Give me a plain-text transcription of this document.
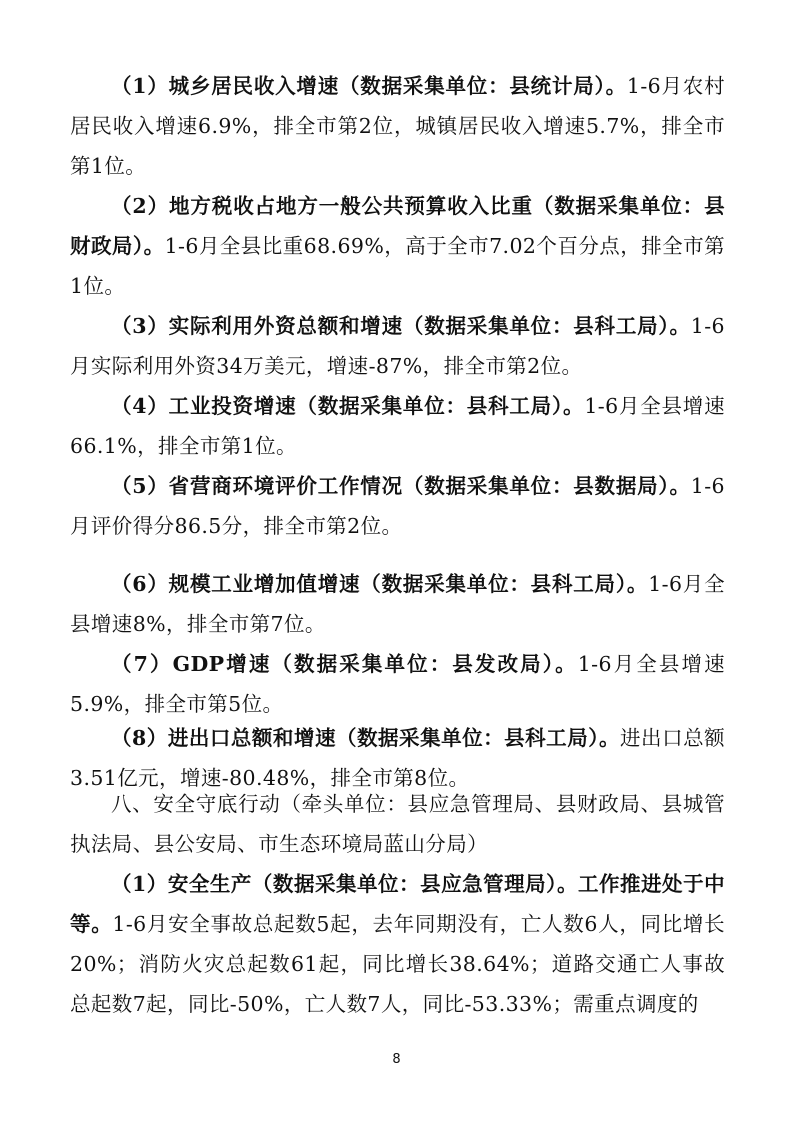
（1）城乡居民收入增速（数据采集单位：县统计局）。1-6月农村居民收入增速6.9%，排全市第2位，城镇居民收入增速5.7%，排全市第1位。

（2）地方税收占地方一般公共预算收入比重（数据采集单位：县财政局）。1-6月全县比重68.69%，高于全市7.02个百分点，排全市第1位。

（3）实际利用外资总额和增速（数据采集单位：县科工局）。1-6月实际利用外资34万美元，增速-87%，排全市第2位。

（4）工业投资增速（数据采集单位：县科工局）。1-6月全县增速66.1%，排全市第1位。

（5）省营商环境评价工作情况（数据采集单位：县数据局）。1-6月评价得分86.5分，排全市第2位。

（6）规模工业增加值增速（数据采集单位：县科工局）。1-6月全县增速8%，排全市第7位。

（7）GDP增速（数据采集单位：县发改局）。1-6月全县增速5.9%，排全市第5位。

（8）进出口总额和增速（数据采集单位：县科工局）。进出口总额3.51亿元，增速-80.48%，排全市第8位。

八、安全守底行动（牵头单位：县应急管理局、县财政局、县城管执法局、县公安局、市生态环境局蓝山分局）

（1）安全生产（数据采集单位：县应急管理局）。工作推进处于中等。1-6月安全事故总起数5起，去年同期没有，亡人数6人，同比增长20%；消防火灾总起数61起，同比增长38.64%；道路交通亡人事故总起数7起，同比-50%，亡人数7人，同比-53.33%；需重点调度的

8
